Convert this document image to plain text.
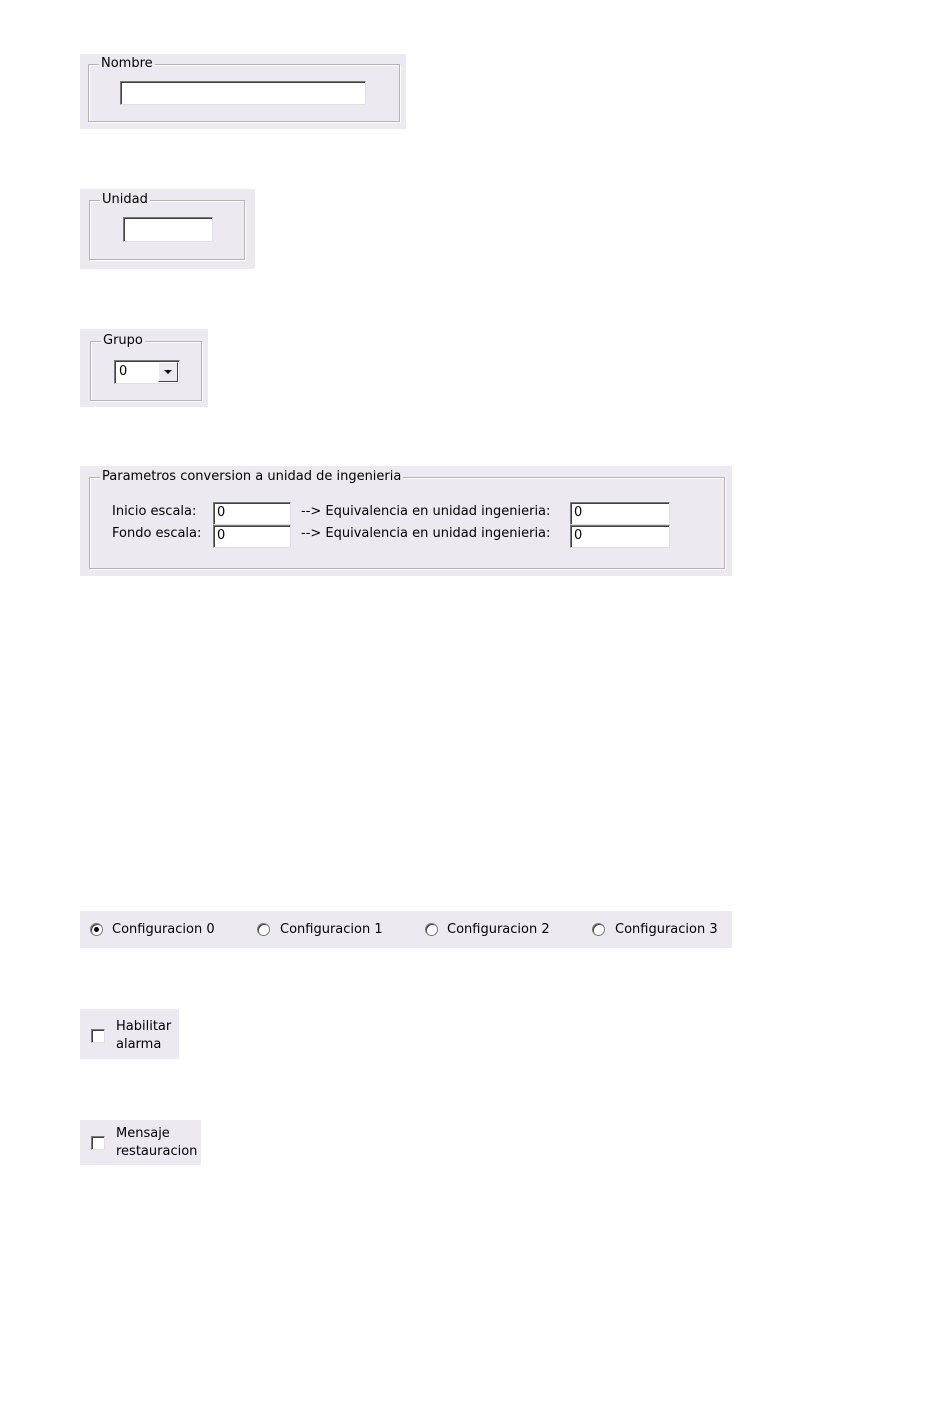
Nombre
Unidad
Grupo
0
Parametros conversion a unidad de ingenieria
Inicio escala:	0	--> Equivalencia en unidad ingenieria:	0
Fondo escala:	0	--> Equivalencia en unidad ingenieria:	0
Configuracion 0	Configuracion 1	Configuracion 2	Configuracion 3
Habilitar
alarma
Mensaje
restauracion
